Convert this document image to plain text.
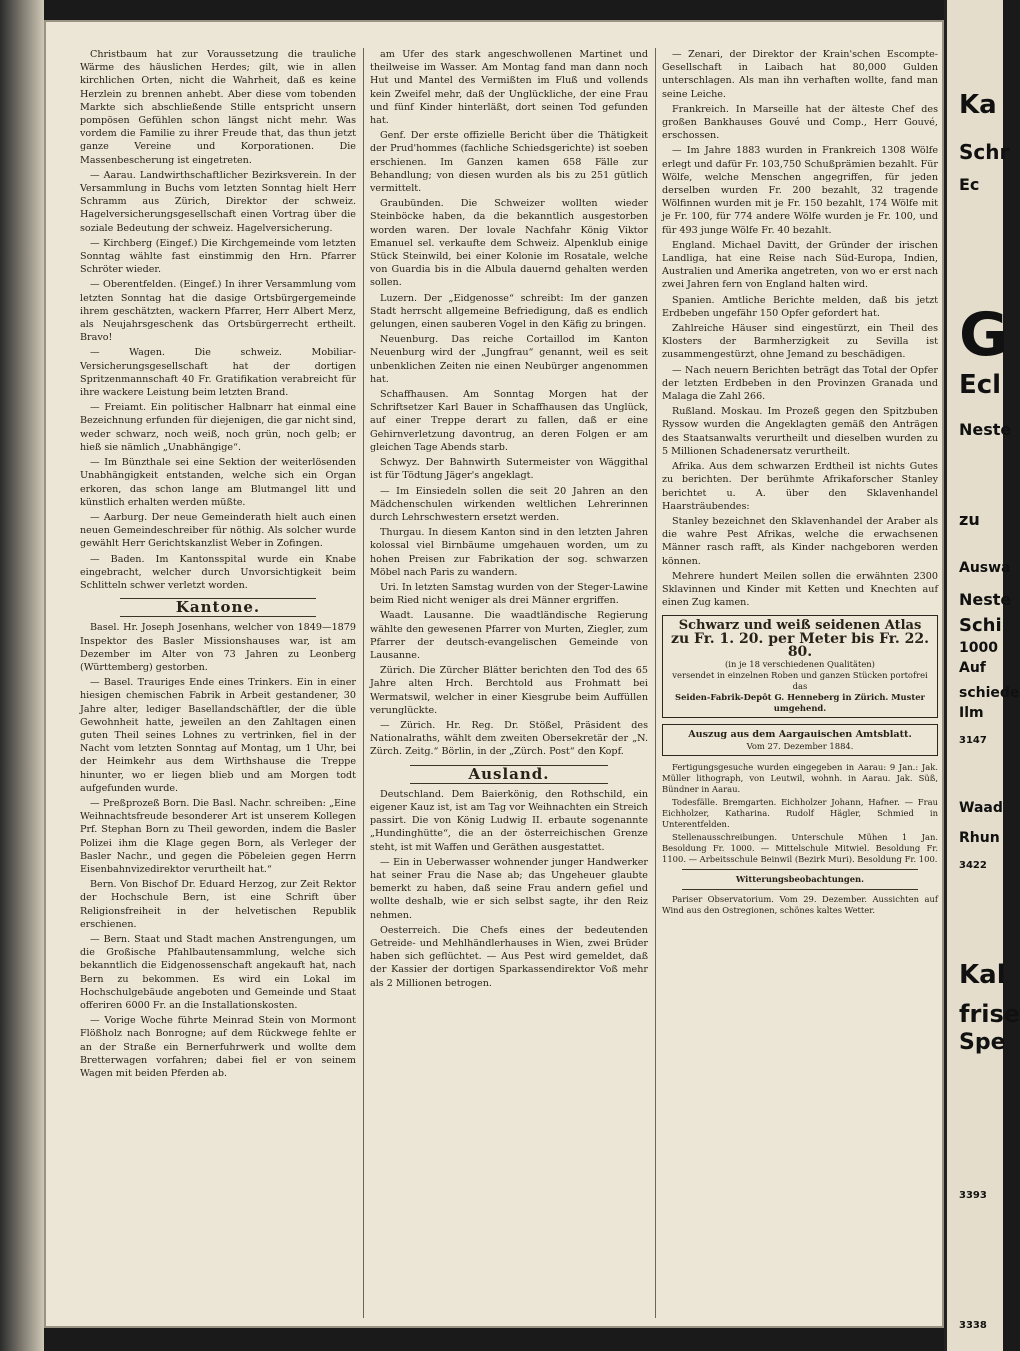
Christbaum hat zur Voraussetzung die trauliche Wärme des häuslichen Herdes; gilt, wie in allen kirchlichen Orten, nicht die Wahrheit, daß es keine Herzlein zu brennen anhebt. Aber diese vom tobenden Markte sich abschließende Stille entspricht unsern pompösen Gefühlen schon längst nicht mehr. Was vordem die Familie zu ihrer Freude that, das thun jetzt ganze Vereine und Korporationen. Die Massenbescherung ist eingetreten.

— Aarau. Landwirthschaftlicher Bezirksverein. In der Versammlung in Buchs vom letzten Sonntag hielt Herr Schramm aus Zürich, Direktor der schweiz. Hagelversicherungsgesellschaft einen Vortrag über die soziale Bedeutung der schweiz. Hagelversicherung.

— Kirchberg (Eingef.) Die Kirchgemeinde vom letzten Sonntag wählte fast einstimmig den Hrn. Pfarrer Schröter wieder.

— Oberentfelden. (Eingef.) In ihrer Versammlung vom letzten Sonntag hat die dasige Ortsbürgergemeinde ihrem geschätzten, wackern Pfarrer, Herr Albert Merz, als Neujahrsgeschenk das Ortsbürgerrecht ertheilt. Bravo!

— Wagen. Die schweiz. Mobiliar-Versicherungsgesellschaft hat der dortigen Spritzenmannschaft 40 Fr. Gratifikation verabreicht für ihre wackere Leistung beim letzten Brand.

— Freiamt. Ein politischer Halbnarr hat einmal eine Bezeichnung erfunden für diejenigen, die gar nicht sind, weder schwarz, noch weiß, noch grün, noch gelb; er hieß sie nämlich „Unabhängige“.

— Im Bünzthale sei eine Sektion der weiterlösenden Unabhängigkeit entstanden, welche sich ein Organ erkoren, das schon lange am Blutmangel litt und künstlich erhalten werden müßte.

— Aarburg. Der neue Gemeinderath hielt auch einen neuen Gemeindeschreiber für nöthig. Als solcher wurde gewählt Herr Gerichtskanzlist Weber in Zofingen.

— Baden. Im Kantonsspital wurde ein Knabe eingebracht, welcher durch Unvorsichtigkeit beim Schlitteln schwer verletzt worden.

Kantone.

Basel. Hr. Joseph Josenhans, welcher von 1849—1879 Inspektor des Basler Missionshauses war, ist am Dezember im Alter von 73 Jahren zu Leonberg (Württemberg) gestorben.

— Basel. Trauriges Ende eines Trinkers. Ein in einer hiesigen chemischen Fabrik in Arbeit gestandener, 30 Jahre alter, lediger Basellandschäftler, der die üble Gewohnheit hatte, jeweilen an den Zahltagen einen guten Theil seines Lohnes zu vertrinken, fiel in der Nacht vom letzten Sonntag auf Montag, um 1 Uhr, bei der Heimkehr aus dem Wirthshause die Treppe hinunter, wo er liegen blieb und am Morgen todt aufgefunden wurde.

— Preßprozeß Born. Die Basl. Nachr. schreiben: „Eine Weihnachtsfreude besonderer Art ist unserem Kollegen Prf. Stephan Born zu Theil geworden, indem die Basler Polizei ihm die Klage gegen Born, als Verleger der Basler Nachr., und gegen die Pöbeleien gegen Herrn Eisenbahnvizedirektor verurtheilt hat.“

Bern. Von Bischof Dr. Eduard Herzog, zur Zeit Rektor der Hochschule Bern, ist eine Schrift über Religionsfreiheit in der helvetischen Republik erschienen.

— Bern. Staat und Stadt machen Anstrengungen, um die Großische Pfahlbautensammlung, welche sich bekanntlich die Eidgenossenschaft angekauft hat, nach Bern zu bekommen. Es wird ein Lokal im Hochschulgebäude angeboten und Gemeinde und Staat offeriren 6000 Fr. an die Installationskosten.

— Vorige Woche führte Meinrad Stein von Mormont Flößholz nach Bonrogne; auf dem Rückwege fehlte er an der Straße ein Bernerfuhrwerk und wollte dem Bretterwagen vorfahren; dabei fiel er von seinem Wagen mit beiden Pferden ab.

am Ufer des stark angeschwollenen Martinet und theilweise im Wasser. Am Montag fand man dann noch Hut und Mantel des Vermißten im Fluß und vollends kein Zweifel mehr, daß der Unglückliche, der eine Frau und fünf Kinder hinterläßt, dort seinen Tod gefunden hat.

Genf. Der erste offizielle Bericht über die Thätigkeit der Prud'hommes (fachliche Schiedsgerichte) ist soeben erschienen. Im Ganzen kamen 658 Fälle zur Behandlung; von diesen wurden als bis zu 251 gütlich vermittelt.

Graubünden. Die Schweizer wollten wieder Steinböcke haben, da die bekanntlich ausgestorben worden waren. Der lovale Nachfahr König Viktor Emanuel sel. verkaufte dem Schweiz. Alpenklub einige Stück Steinwild, bei einer Kolonie im Rosatale, welche von Guardia bis in die Albula dauernd gehalten werden sollen.

Luzern. Der „Eidgenosse“ schreibt: Im der ganzen Stadt herrscht allgemeine Befriedigung, daß es endlich gelungen, einen sauberen Vogel in den Käfig zu bringen.

Neuenburg. Das reiche Cortaillod im Kanton Neuenburg wird der „Jungfrau“ genannt, weil es seit unbenklichen Zeiten nie einen Neubürger angenommen hat.

Schaffhausen. Am Sonntag Morgen hat der Schriftsetzer Karl Bauer in Schaffhausen das Unglück, auf einer Treppe derart zu fallen, daß er eine Gehirnverletzung davontrug, an deren Folgen er am gleichen Tage Abends starb.

Schwyz. Der Bahnwirth Sutermeister von Wäggithal ist für Tödtung Jäger's angeklagt.

— Im Einsiedeln sollen die seit 20 Jahren an den Mädchenschulen wirkenden weltlichen Lehrerinnen durch Lehrschwestern ersetzt werden.

Thurgau. In diesem Kanton sind in den letzten Jahren kolossal viel Birnbäume umgehauen worden, um zu hohen Preisen zur Fabrikation der sog. schwarzen Möbel nach Paris zu wandern.

Uri. In letzten Samstag wurden von der Steger-Lawine beim Ried nicht weniger als drei Männer ergriffen.

Waadt. Lausanne. Die waadtländische Regierung wählte den gewesenen Pfarrer von Murten, Ziegler, zum Pfarrer der deutsch-evangelischen Gemeinde von Lausanne.

Zürich. Die Zürcher Blätter berichten den Tod des 65 Jahre alten Hrch. Berchtold aus Frohmatt bei Wermatswil, welcher in einer Kiesgrube beim Auffüllen verunglückte.

— Zürich. Hr. Reg. Dr. Stößel, Präsident des Nationalraths, wählt dem zweiten Obersekretär der „N. Zürch. Zeitg.“ Börlin, in der „Zürch. Post“ den Kopf.

Ausland.

Deutschland. Dem Baierkönig, den Rothschild, ein eigener Kauz ist, ist am Tag vor Weihnachten ein Streich passirt. Die von König Ludwig II. erbaute sogenannte „Hundinghütte“, die an der österreichischen Grenze steht, ist mit Waffen und Geräthen ausgestattet.

— Ein in Ueberwasser wohnender junger Handwerker hat seiner Frau die Nase ab; das Ungeheuer glaubte bemerkt zu haben, daß seine Frau andern gefiel und wollte deshalb, wie er sich selbst sagte, ihr den Reiz nehmen.

Oesterreich. Die Chefs eines der bedeutenden Getreide- und Mehlhändlerhauses in Wien, zwei Brüder haben sich geflüchtet. — Aus Pest wird gemeldet, daß der Kassier der dortigen Sparkassendirektor Voß mehr als 2 Millionen betrogen.

— Zenari, der Direktor der Krain'schen Escompte-Gesellschaft in Laibach hat 80,000 Gulden unterschlagen. Als man ihn verhaften wollte, fand man seine Leiche.

Frankreich. In Marseille hat der älteste Chef des großen Bankhauses Gouvé und Comp., Herr Gouvé, erschossen.

— Im Jahre 1883 wurden in Frankreich 1308 Wölfe erlegt und dafür Fr. 103,750 Schußprämien bezahlt. Für Wölfe, welche Menschen angegriffen, für jeden derselben wurden Fr. 200 bezahlt, 32 tragende Wölfinnen wurden mit je Fr. 150 bezahlt, 174 Wölfe mit je Fr. 100, für 774 andere Wölfe wurden je Fr. 100, und für 493 junge Wölfe Fr. 40 bezahlt.

England. Michael Davitt, der Gründer der irischen Landliga, hat eine Reise nach Süd-Europa, Indien, Australien und Amerika angetreten, von wo er erst nach zwei Jahren fern von England halten wird.

Spanien. Amtliche Berichte melden, daß bis jetzt Erdbeben ungefähr 150 Opfer gefordert hat.

Zahlreiche Häuser sind eingestürzt, ein Theil des Klosters der Barmherzigkeit zu Sevilla ist zusammengestürzt, ohne Jemand zu beschädigen.

— Nach neuern Berichten beträgt das Total der Opfer der letzten Erdbeben in den Provinzen Granada und Malaga die Zahl 266.

Rußland. Moskau. Im Prozeß gegen den Spitzbuben Ryssow wurden die Angeklagten gemäß den Anträgen des Staatsanwalts verurtheilt und dieselben wurden zu 5 Millionen Schadenersatz verurtheilt.

Afrika. Aus dem schwarzen Erdtheil ist nichts Gutes zu berichten. Der berühmte Afrikaforscher Stanley berichtet u. A. über den Sklavenhandel Haarsträubendes:

Stanley bezeichnet den Sklavenhandel der Araber als die wahre Pest Afrikas, welche die erwachsenen Männer rasch rafft, als Kinder nachgeboren werden können.

Mehrere hundert Meilen sollen die erwähnten 2300 Sklavinnen und Kinder mit Ketten und Knechten auf einen Zug kamen.

Schwarz und weiß seidenen Atlas
zu Fr. 1. 20. per Meter bis Fr. 22. 80.
(in je 18 verschiedenen Qualitäten)
versendet in einzelnen Roben und ganzen Stücken portofrei das
Seiden-Fabrik-Depôt G. Henneberg in Zürich. Muster umgehend.
Auszug aus dem Aargauischen Amtsblatt.
Vom 27. Dezember 1884.

Fertigungsgesuche wurden eingegeben in Aarau: 9 Jan.: Jak. Müller lithograph, von Leutwil, wohnh. in Aarau. Jak. Süß, Bündner in Aarau.

Todesfälle. Bremgarten. Eichholzer Johann, Hafner. — Frau Eichholzer, Katharina. Rudolf Hägler, Schmied in Unterentfelden.

Stellenausschreibungen. Unterschule Mühen 1 Jan. Besoldung Fr. 1000. — Mittelschule Mitwiel. Besoldung Fr. 1100. — Arbeitsschule Beinwil (Bezirk Muri). Besoldung Fr. 100.

Witterungsbeobachtungen.

Pariser Observatorium. Vom 29. Dezember. Aussichten auf Wind aus den Ostregionen, schönes kaltes Wetter.

Ka
Schr
Ec
G
Ecl
Neste
zu
Auswa
Neste
Schi
1000
Auf
schiede
Ilm
3147
Waad
Rhun
3422
Kal
frise
Spe
3393
3338
